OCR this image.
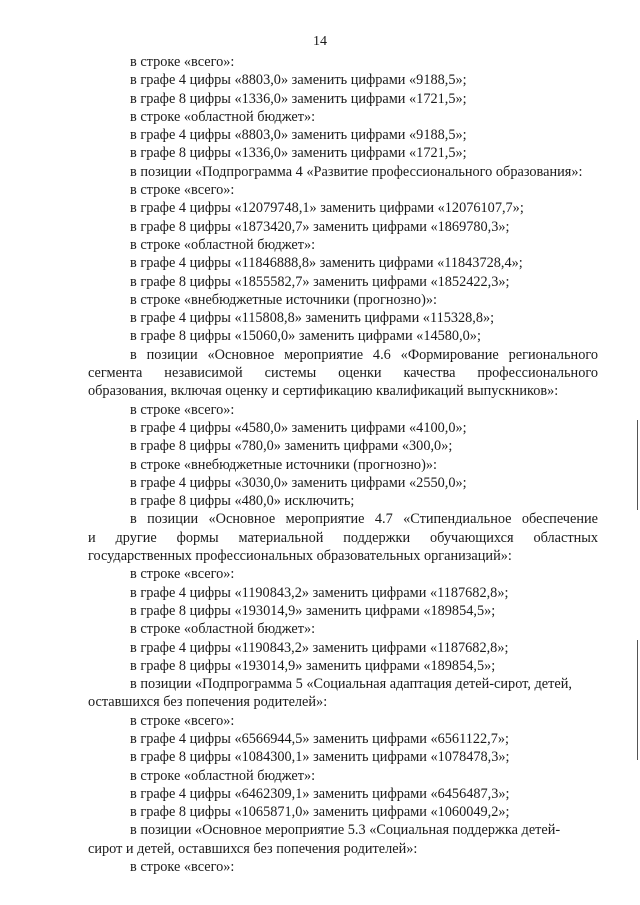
14
в строке «всего»:
в графе 4 цифры «8803,0» заменить цифрами «9188,5»;
в графе 8 цифры «1336,0» заменить цифрами «1721,5»;
в строке «областной бюджет»:
в графе 4 цифры «8803,0» заменить цифрами «9188,5»;
в графе 8 цифры «1336,0» заменить цифрами «1721,5»;
в позиции «Подпрограмма 4 «Развитие профессионального образования»:
в строке «всего»:
в графе 4 цифры «12079748,1» заменить цифрами «12076107,7»;
в графе 8 цифры «1873420,7» заменить цифрами «1869780,3»;
в строке «областной бюджет»:
в графе 4 цифры «11846888,8» заменить цифрами «11843728,4»;
в графе 8 цифры «1855582,7» заменить цифрами «1852422,3»;
в строке «внебюджетные источники (прогнозно)»:
в графе 4 цифры «115808,8» заменить цифрами «115328,8»;
в графе 8 цифры «15060,0» заменить цифрами «14580,0»;
в позиции «Основное мероприятие 4.6 «Формирование регионального
сегмента независимой системы оценки качества профессионального
образования, включая оценку и сертификацию квалификаций выпускников»:
в строке «всего»:
в графе 4 цифры «4580,0» заменить цифрами «4100,0»;
в графе 8 цифры «780,0» заменить цифрами «300,0»;
в строке «внебюджетные источники (прогнозно)»:
в графе 4 цифры «3030,0» заменить цифрами «2550,0»;
в графе 8 цифры «480,0» исключить;
в позиции «Основное мероприятие 4.7 «Стипендиальное обеспечение
и другие формы материальной поддержки обучающихся областных
государственных профессиональных образовательных организаций»:
в строке «всего»:
в графе 4 цифры «1190843,2» заменить цифрами «1187682,8»;
в графе 8 цифры «193014,9» заменить цифрами «189854,5»;
в строке «областной бюджет»:
в графе 4 цифры «1190843,2» заменить цифрами «1187682,8»;
в графе 8 цифры «193014,9» заменить цифрами «189854,5»;
в позиции «Подпрограмма 5 «Социальная адаптация детей-сирот, детей,
оставшихся без попечения родителей»:
в строке «всего»:
в графе 4 цифры «6566944,5» заменить цифрами «6561122,7»;
в графе 8 цифры «1084300,1» заменить цифрами «1078478,3»;
в строке «областной бюджет»:
в графе 4 цифры «6462309,1» заменить цифрами «6456487,3»;
в графе 8 цифры «1065871,0» заменить цифрами «1060049,2»;
в позиции «Основное мероприятие 5.3 «Социальная поддержка детей-
сирот и детей, оставшихся без попечения родителей»:
в строке «всего»:
